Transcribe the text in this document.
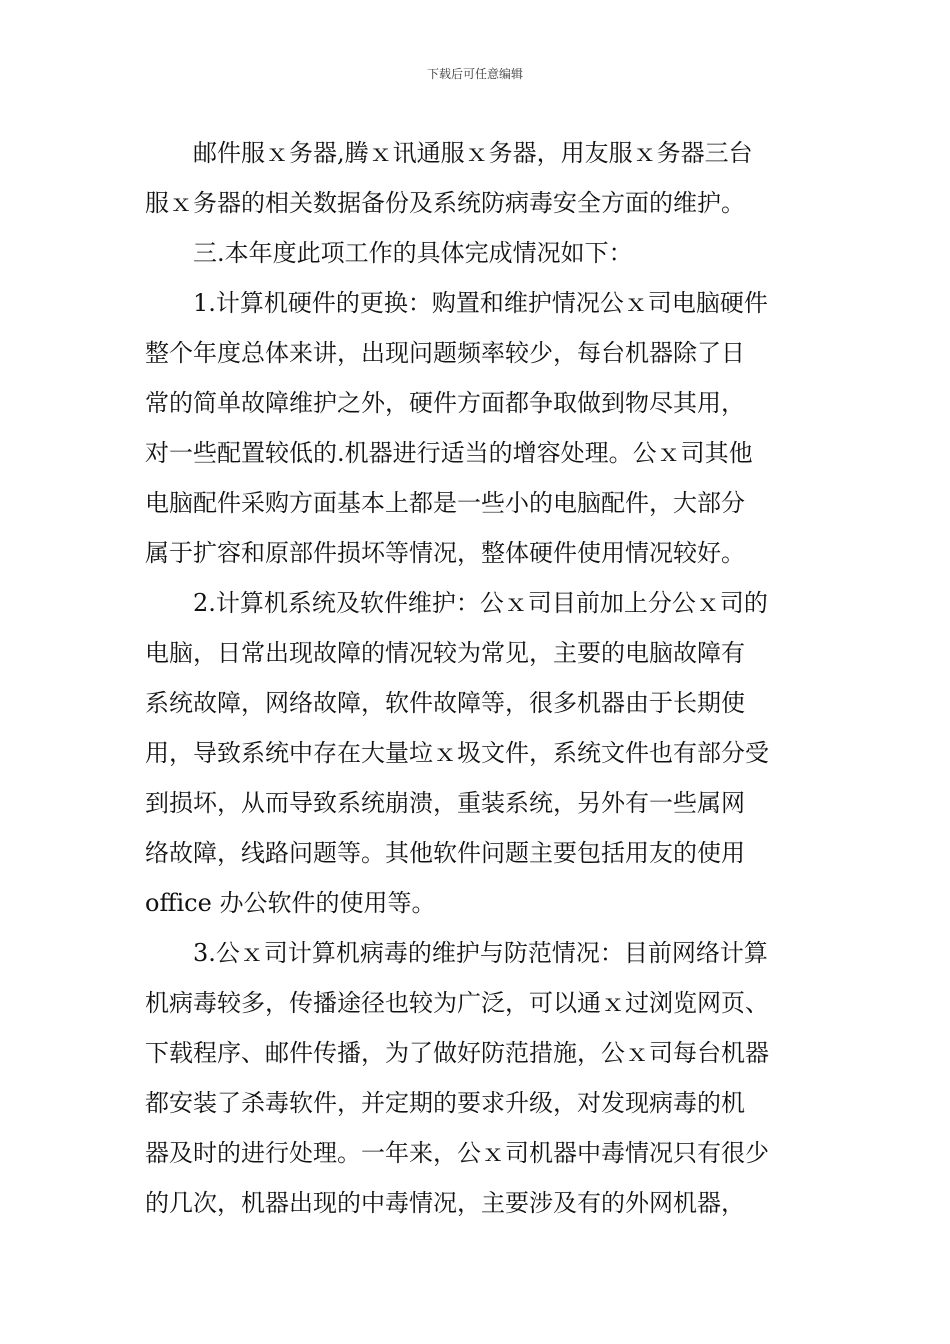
下载后可任意编辑
邮件服ｘ务器,腾ｘ讯通服ｘ务器，用友服ｘ务器三台
服ｘ务器的相关数据备份及系统防病毒安全方面的维护。
三.本年度此项工作的具体完成情况如下：
1.计算机硬件的更换：购置和维护情况公ｘ司电脑硬件
整个年度总体来讲，出现问题频率较少，每台机器除了日
常的简单故障维护之外，硬件方面都争取做到物尽其用，
对一些配置较低的.机器进行适当的增容处理。公ｘ司其他
电脑配件采购方面基本上都是一些小的电脑配件，大部分
属于扩容和原部件损坏等情况，整体硬件使用情况较好。
2.计算机系统及软件维护：公ｘ司目前加上分公ｘ司的
电脑，日常出现故障的情况较为常见，主要的电脑故障有
系统故障，网络故障，软件故障等，很多机器由于长期使
用，导致系统中存在大量垃ｘ圾文件，系统文件也有部分受
到损坏，从而导致系统崩溃，重装系统，另外有一些属网
络故障，线路问题等。其他软件问题主要包括用友的使用
office 办公软件的使用等。
3.公ｘ司计算机病毒的维护与防范情况：目前网络计算
机病毒较多，传播途径也较为广泛，可以通ｘ过浏览网页、
下载程序、邮件传播，为了做好防范措施，公ｘ司每台机器
都安装了杀毒软件，并定期的要求升级，对发现病毒的机
器及时的进行处理。一年来，公ｘ司机器中毒情况只有很少
的几次，机器出现的中毒情况，主要涉及有的外网机器，
